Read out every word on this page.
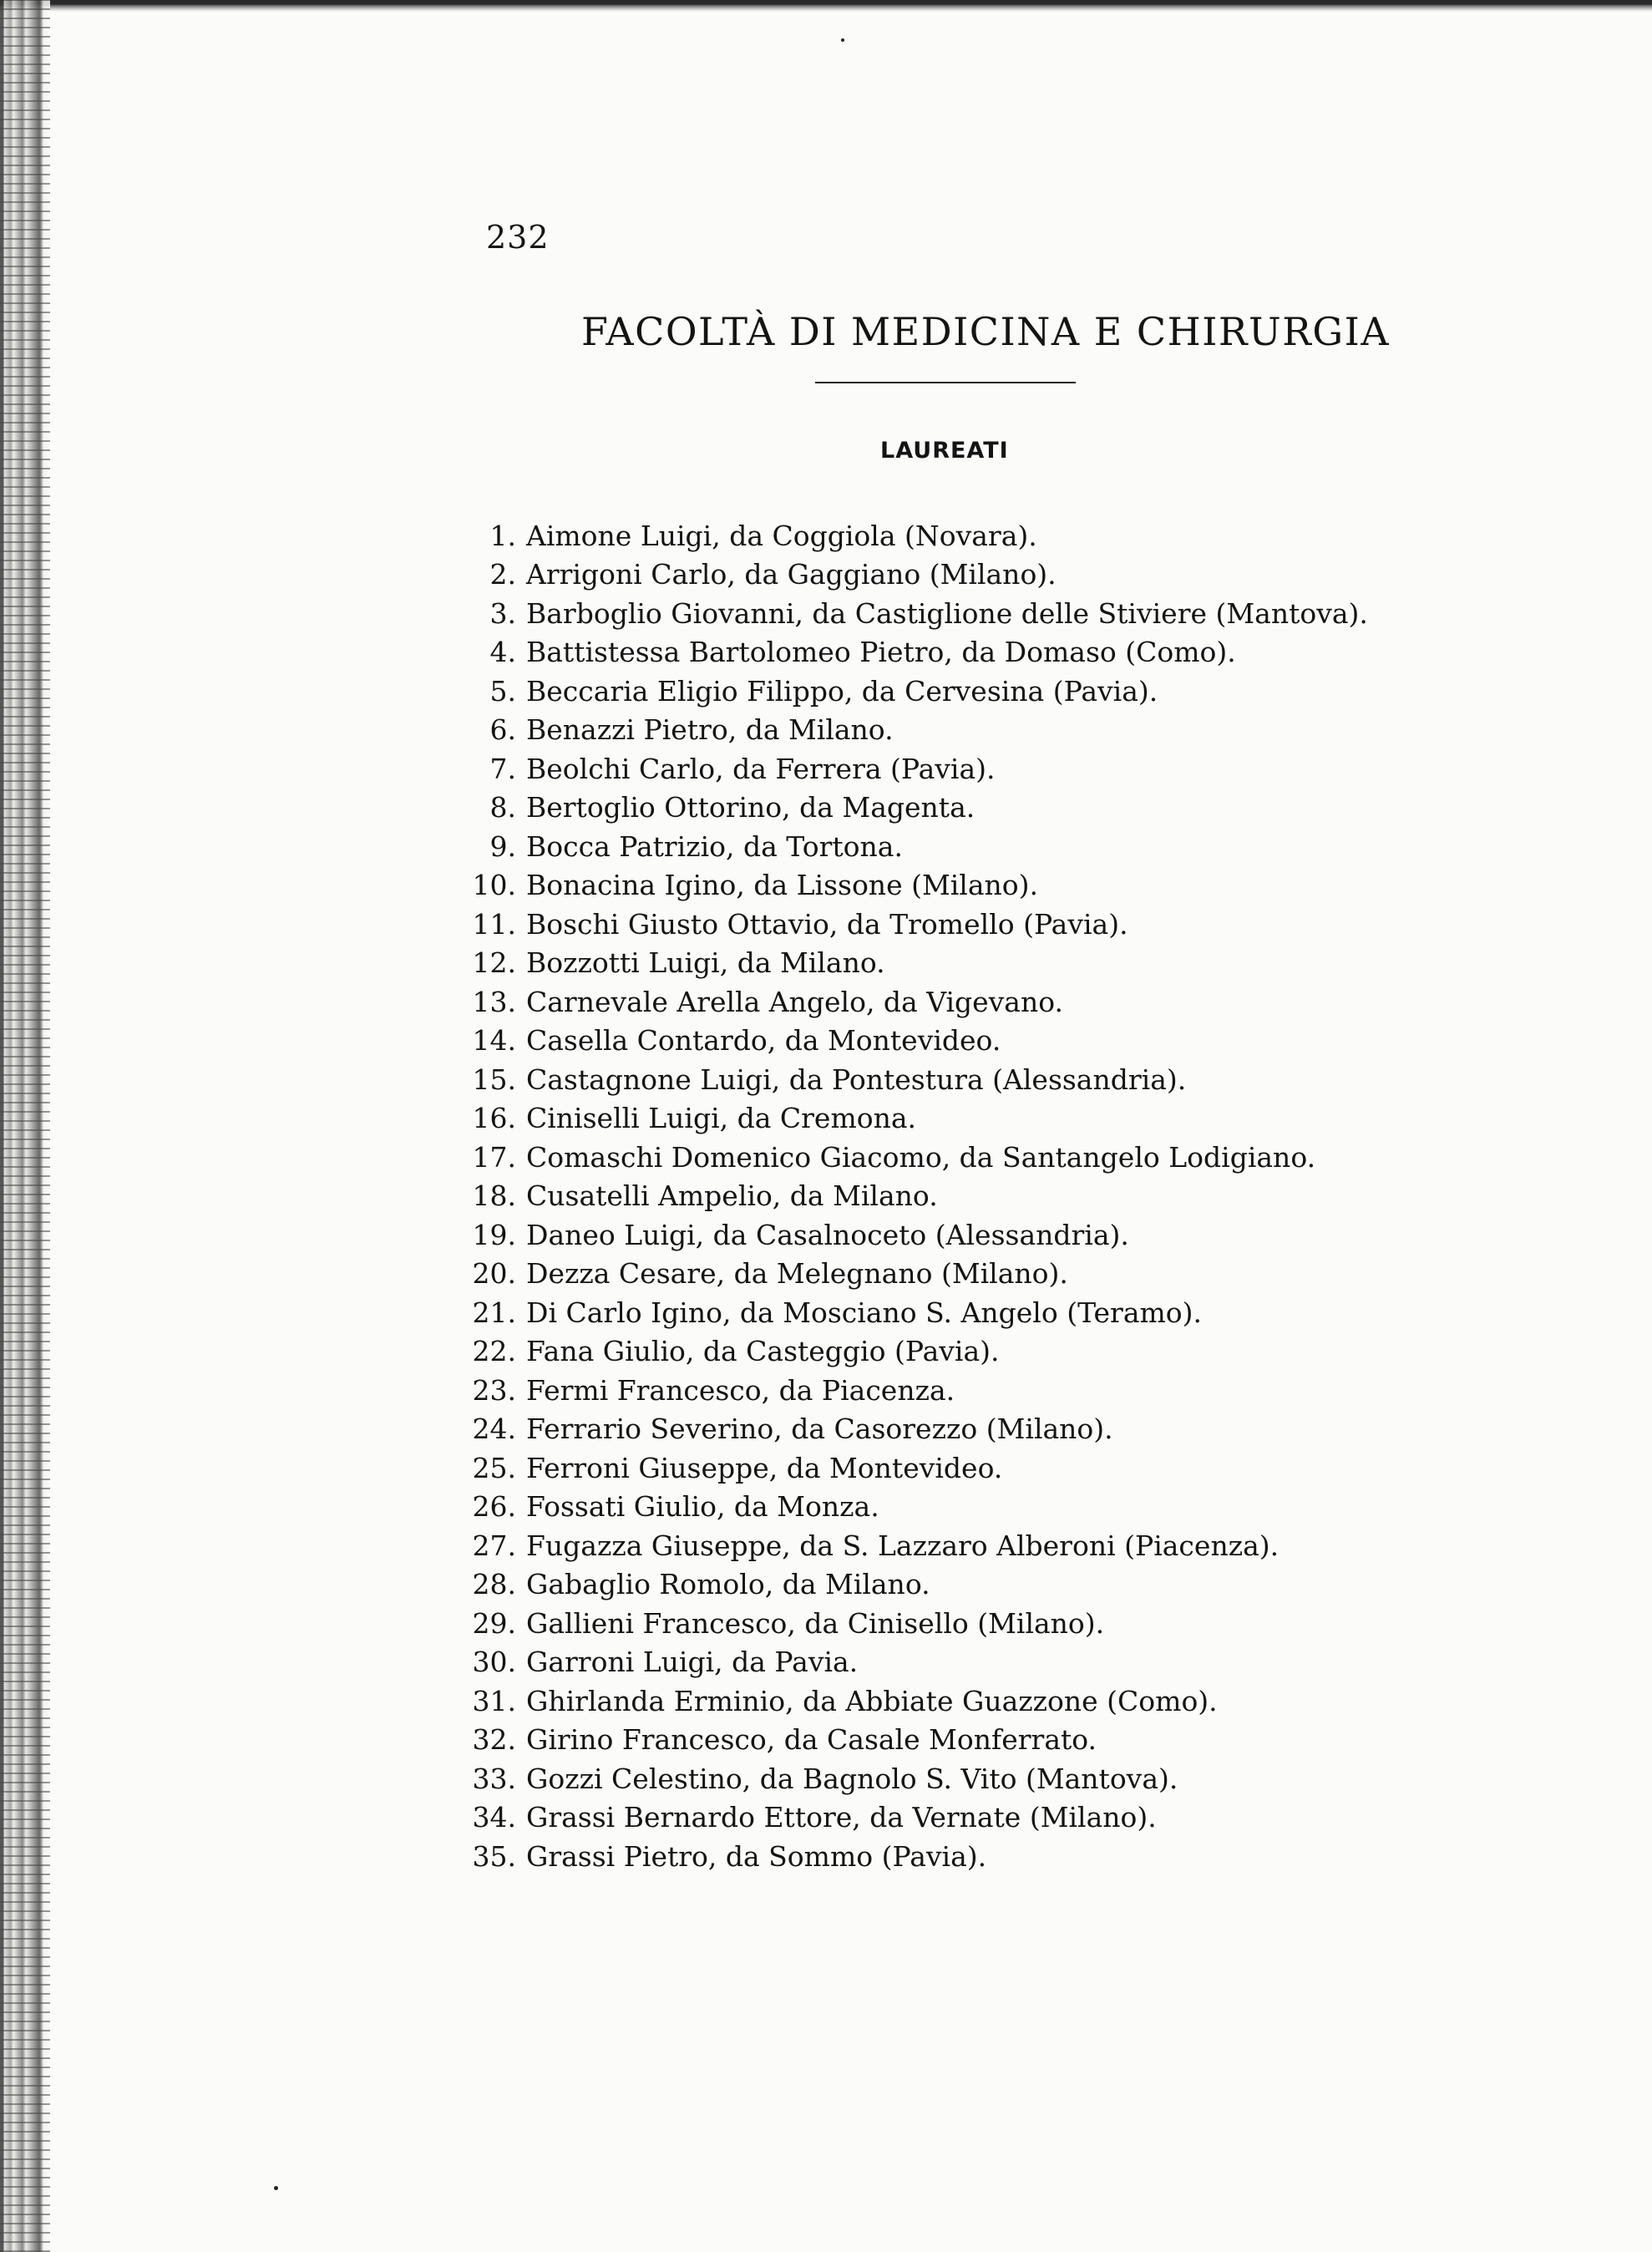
232
FACOLTÀ DI MEDICINA E CHIRURGIA
LAUREATI
1. Aimone Luigi, da Coggiola (Novara).
2. Arrigoni Carlo, da Gaggiano (Milano).
3. Barboglio Giovanni, da Castiglione delle Stiviere (Mantova).
4. Battistessa Bartolomeo Pietro, da Domaso (Como).
5. Beccaria Eligio Filippo, da Cervesina (Pavia).
6. Benazzi Pietro, da Milano.
7. Beolchi Carlo, da Ferrera (Pavia).
8. Bertoglio Ottorino, da Magenta.
9. Bocca Patrizio, da Tortona.
10. Bonacina Igino, da Lissone (Milano).
11. Boschi Giusto Ottavio, da Tromello (Pavia).
12. Bozzotti Luigi, da Milano.
13. Carnevale Arella Angelo, da Vigevano.
14. Casella Contardo, da Montevideo.
15. Castagnone Luigi, da Pontestura (Alessandria).
16. Ciniselli Luigi, da Cremona.
17. Comaschi Domenico Giacomo, da Santangelo Lodigiano.
18. Cusatelli Ampelio, da Milano.
19. Daneo Luigi, da Casalnoceto (Alessandria).
20. Dezza Cesare, da Melegnano (Milano).
21. Di Carlo Igino, da Mosciano S. Angelo (Teramo).
22. Fana Giulio, da Casteggio (Pavia).
23. Fermi Francesco, da Piacenza.
24. Ferrario Severino, da Casorezzo (Milano).
25. Ferroni Giuseppe, da Montevideo.
26. Fossati Giulio, da Monza.
27. Fugazza Giuseppe, da S. Lazzaro Alberoni (Piacenza).
28. Gabaglio Romolo, da Milano.
29. Gallieni Francesco, da Cinisello (Milano).
30. Garroni Luigi, da Pavia.
31. Ghirlanda Erminio, da Abbiate Guazzone (Como).
32. Girino Francesco, da Casale Monferrato.
33. Gozzi Celestino, da Bagnolo S. Vito (Mantova).
34. Grassi Bernardo Ettore, da Vernate (Milano).
35. Grassi Pietro, da Sommo (Pavia).
